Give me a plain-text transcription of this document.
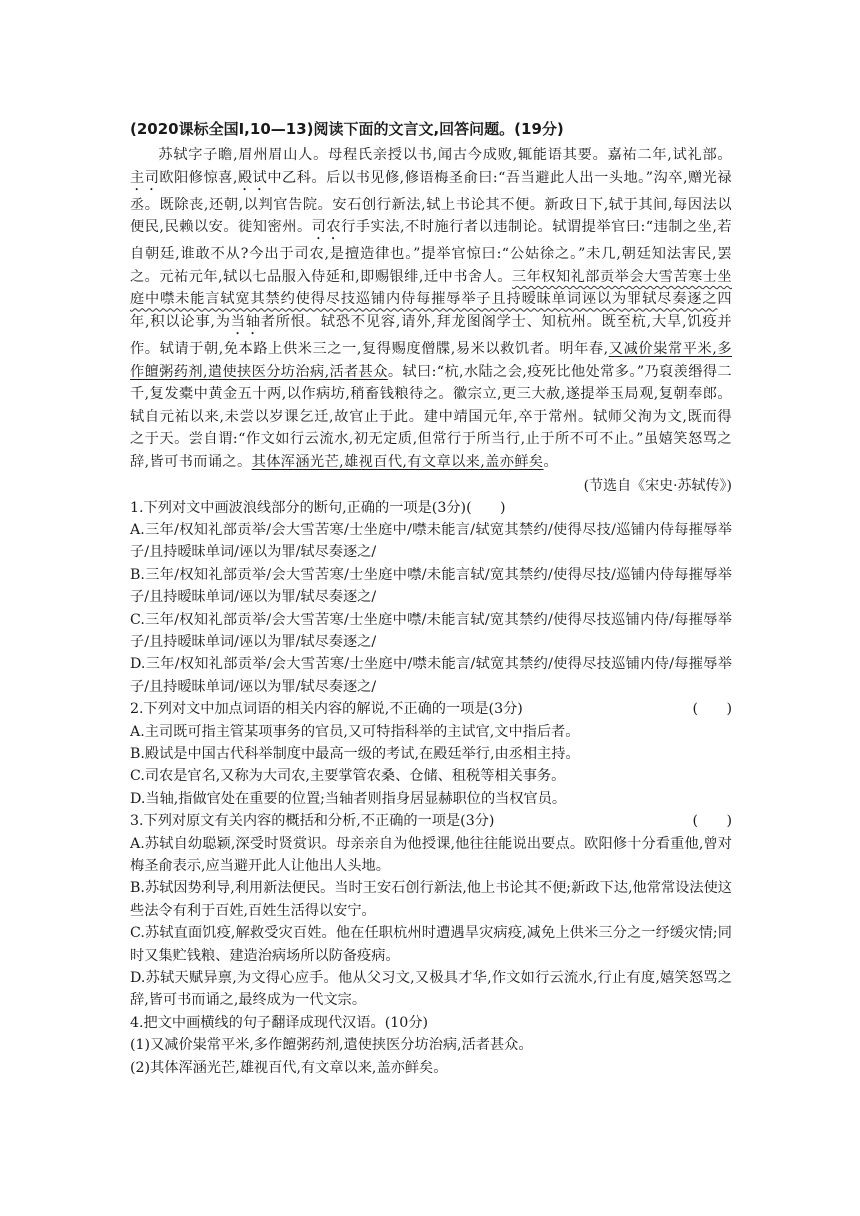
(2020课标全国Ⅰ,10—13)阅读下面的文言文,回答问题。(19分)
苏轼字子瞻,眉州眉山人。母程氏亲授以书,闻古今成败,辄能语其要。嘉祐二年,试礼部。主司欧阳修惊喜,殿试中乙科。后以书见修,修语梅圣俞曰:“吾当避此人出一头地。”沟卒,赠光禄丞。既除丧,还朝,以判官告院。安石创行新法,轼上书论其不便。新政日下,轼于其间,每因法以便民,民赖以安。徙知密州。司农行手实法,不时施行者以违制论。轼谓提举官曰:“违制之坐,若自朝廷,谁敢不从?今出于司农,是擅造律也。”提举官惊曰:“公姑徐之。”未几,朝廷知法害民,罢之。元祐元年,轼以七品服入侍延和,即赐银绯,迁中书舍人。三年权知礼部贡举会大雪苦寒士坐庭中噤未能言轼宽其禁约使得尽技巡铺内侍每摧辱举子且持暧昧单词诬以为罪轼尽奏逐之四年,积以论事,为当轴者所恨。轼恐不见容,请外,拜龙图阁学士、知杭州。既至杭,大旱,饥疫并作。轼请于朝,免本路上供米三之一,复得赐度僧牒,易米以救饥者。明年春,又减价粜常平米,多作饘粥药剂,遣使挟医分坊治病,活者甚众。轼曰:“杭,水陆之会,疫死比他处常多。”乃裒羡缗得二千,复发橐中黄金五十两,以作病坊,稍畜钱粮待之。徽宗立,更三大赦,遂提举玉局观,复朝奉郎。轼自元祐以来,未尝以岁课乞迁,故官止于此。建中靖国元年,卒于常州。轼师父洵为文,既而得之于天。尝自谓:“作文如行云流水,初无定质,但常行于所当行,止于所不可不止。”虽嬉笑怒骂之辞,皆可书而诵之。其体浑涵光芒,雄视百代,有文章以来,盖亦鲜矣。
(节选自《宋史·苏轼传》)
1.下列对文中画波浪线部分的断句,正确的一项是(3分)(　　)
A.三年/权知礼部贡举/会大雪苦寒/士坐庭中/噤未能言/轼宽其禁约/使得尽技/巡铺内侍每摧辱举子/且持暧昧单词/诬以为罪/轼尽奏逐之/
B.三年/权知礼部贡举/会大雪苦寒/士坐庭中噤/未能言轼/宽其禁约/使得尽技/巡铺内侍每摧辱举子/且持暧昧单词/诬以为罪/轼尽奏逐之/
C.三年/权知礼部贡举/会大雪苦寒/士坐庭中噤/未能言轼/宽其禁约/使得尽技巡铺内侍/每摧辱举子/且持暧昧单词/诬以为罪/轼尽奏逐之/
D.三年/权知礼部贡举/会大雪苦寒/士坐庭中/噤未能言/轼宽其禁约/使得尽技巡铺内侍/每摧辱举子/且持暧昧单词/诬以为罪/轼尽奏逐之/
2.下列对文中加点词语的相关内容的解说,不正确的一项是(3分)	(　　)
A.主司既可指主管某项事务的官员,又可特指科举的主试官,文中指后者。
B.殿试是中国古代科举制度中最高一级的考试,在殿廷举行,由丞相主持。
C.司农是官名,又称为大司农,主要掌管农桑、仓储、租税等相关事务。
D.当轴,指做官处在重要的位置;当轴者则指身居显赫职位的当权官员。
3.下列对原文有关内容的概括和分析,不正确的一项是(3分)	(　　)
A.苏轼自幼聪颖,深受时贤赏识。母亲亲自为他授课,他往往能说出要点。欧阳修十分看重他,曾对梅圣俞表示,应当避开此人让他出人头地。
B.苏轼因势利导,利用新法便民。当时王安石创行新法,他上书论其不便;新政下达,他常常设法使这些法令有利于百姓,百姓生活得以安宁。
C.苏轼直面饥疫,解救受灾百姓。他在任职杭州时遭遇旱灾病疫,减免上供米三分之一纾缓灾情;同时又集贮钱粮、建造治病场所以防备疫病。
D.苏轼天赋异禀,为文得心应手。他从父习文,又极具才华,作文如行云流水,行止有度,嬉笑怒骂之辞,皆可书而诵之,最终成为一代文宗。
4.把文中画横线的句子翻译成现代汉语。(10分)
(1)又减价粜常平米,多作饘粥药剂,遣使挟医分坊治病,活者甚众。
(2)其体浑涵光芒,雄视百代,有文章以来,盖亦鲜矣。
